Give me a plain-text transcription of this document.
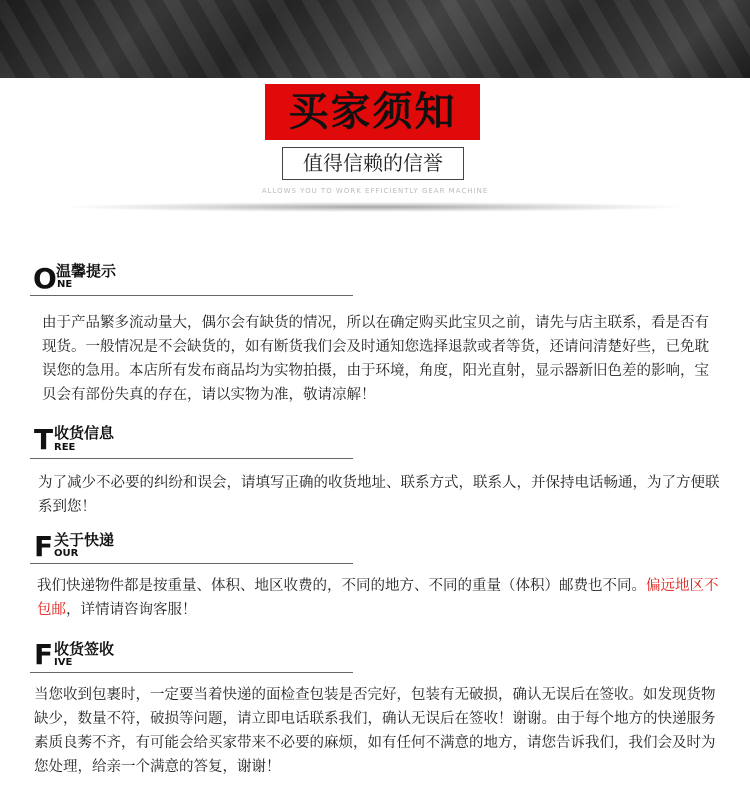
买家须知
值得信赖的信誉
ALLOWS YOU TO WORK EFFICIENTLY GEAR MACHINE
O 温馨提示
NE
由于产品繁多流动量大，偶尔会有缺货的情况，所以在确定购买此宝贝之前，请先与店主联系，看是否有现货。一般情况是不会缺货的，如有断货我们会及时通知您选择退款或者等货，还请问清楚好些，已免耽误您的急用。本店所有发布商品均为实物拍摄，由于环境，角度，阳光直射，显示器新旧色差的影响，宝贝会有部份失真的存在，请以实物为准，敬请凉解！
T 收货信息
REE
为了减少不必要的纠纷和误会，请填写正确的收货地址、联系方式，联系人，并保持电话畅通，为了方便联系到您！
F 关于快递
OUR
我们快递物件都是按重量、体积、地区收费的，不同的地方、不同的重量（体积）邮费也不同。偏远地区不包邮，详情请咨询客服！
F 收货签收
IVE
当您收到包裹时，一定要当着快递的面检查包装是否完好，包装有无破损，确认无误后在签收。如发现货物缺少，数量不符，破损等问题，请立即电话联系我们，确认无误后在签收！谢谢。由于每个地方的快递服务素质良莠不齐，有可能会给买家带来不必要的麻烦，如有任何不满意的地方，请您告诉我们，我们会及时为您处理，给亲一个满意的答复，谢谢！
